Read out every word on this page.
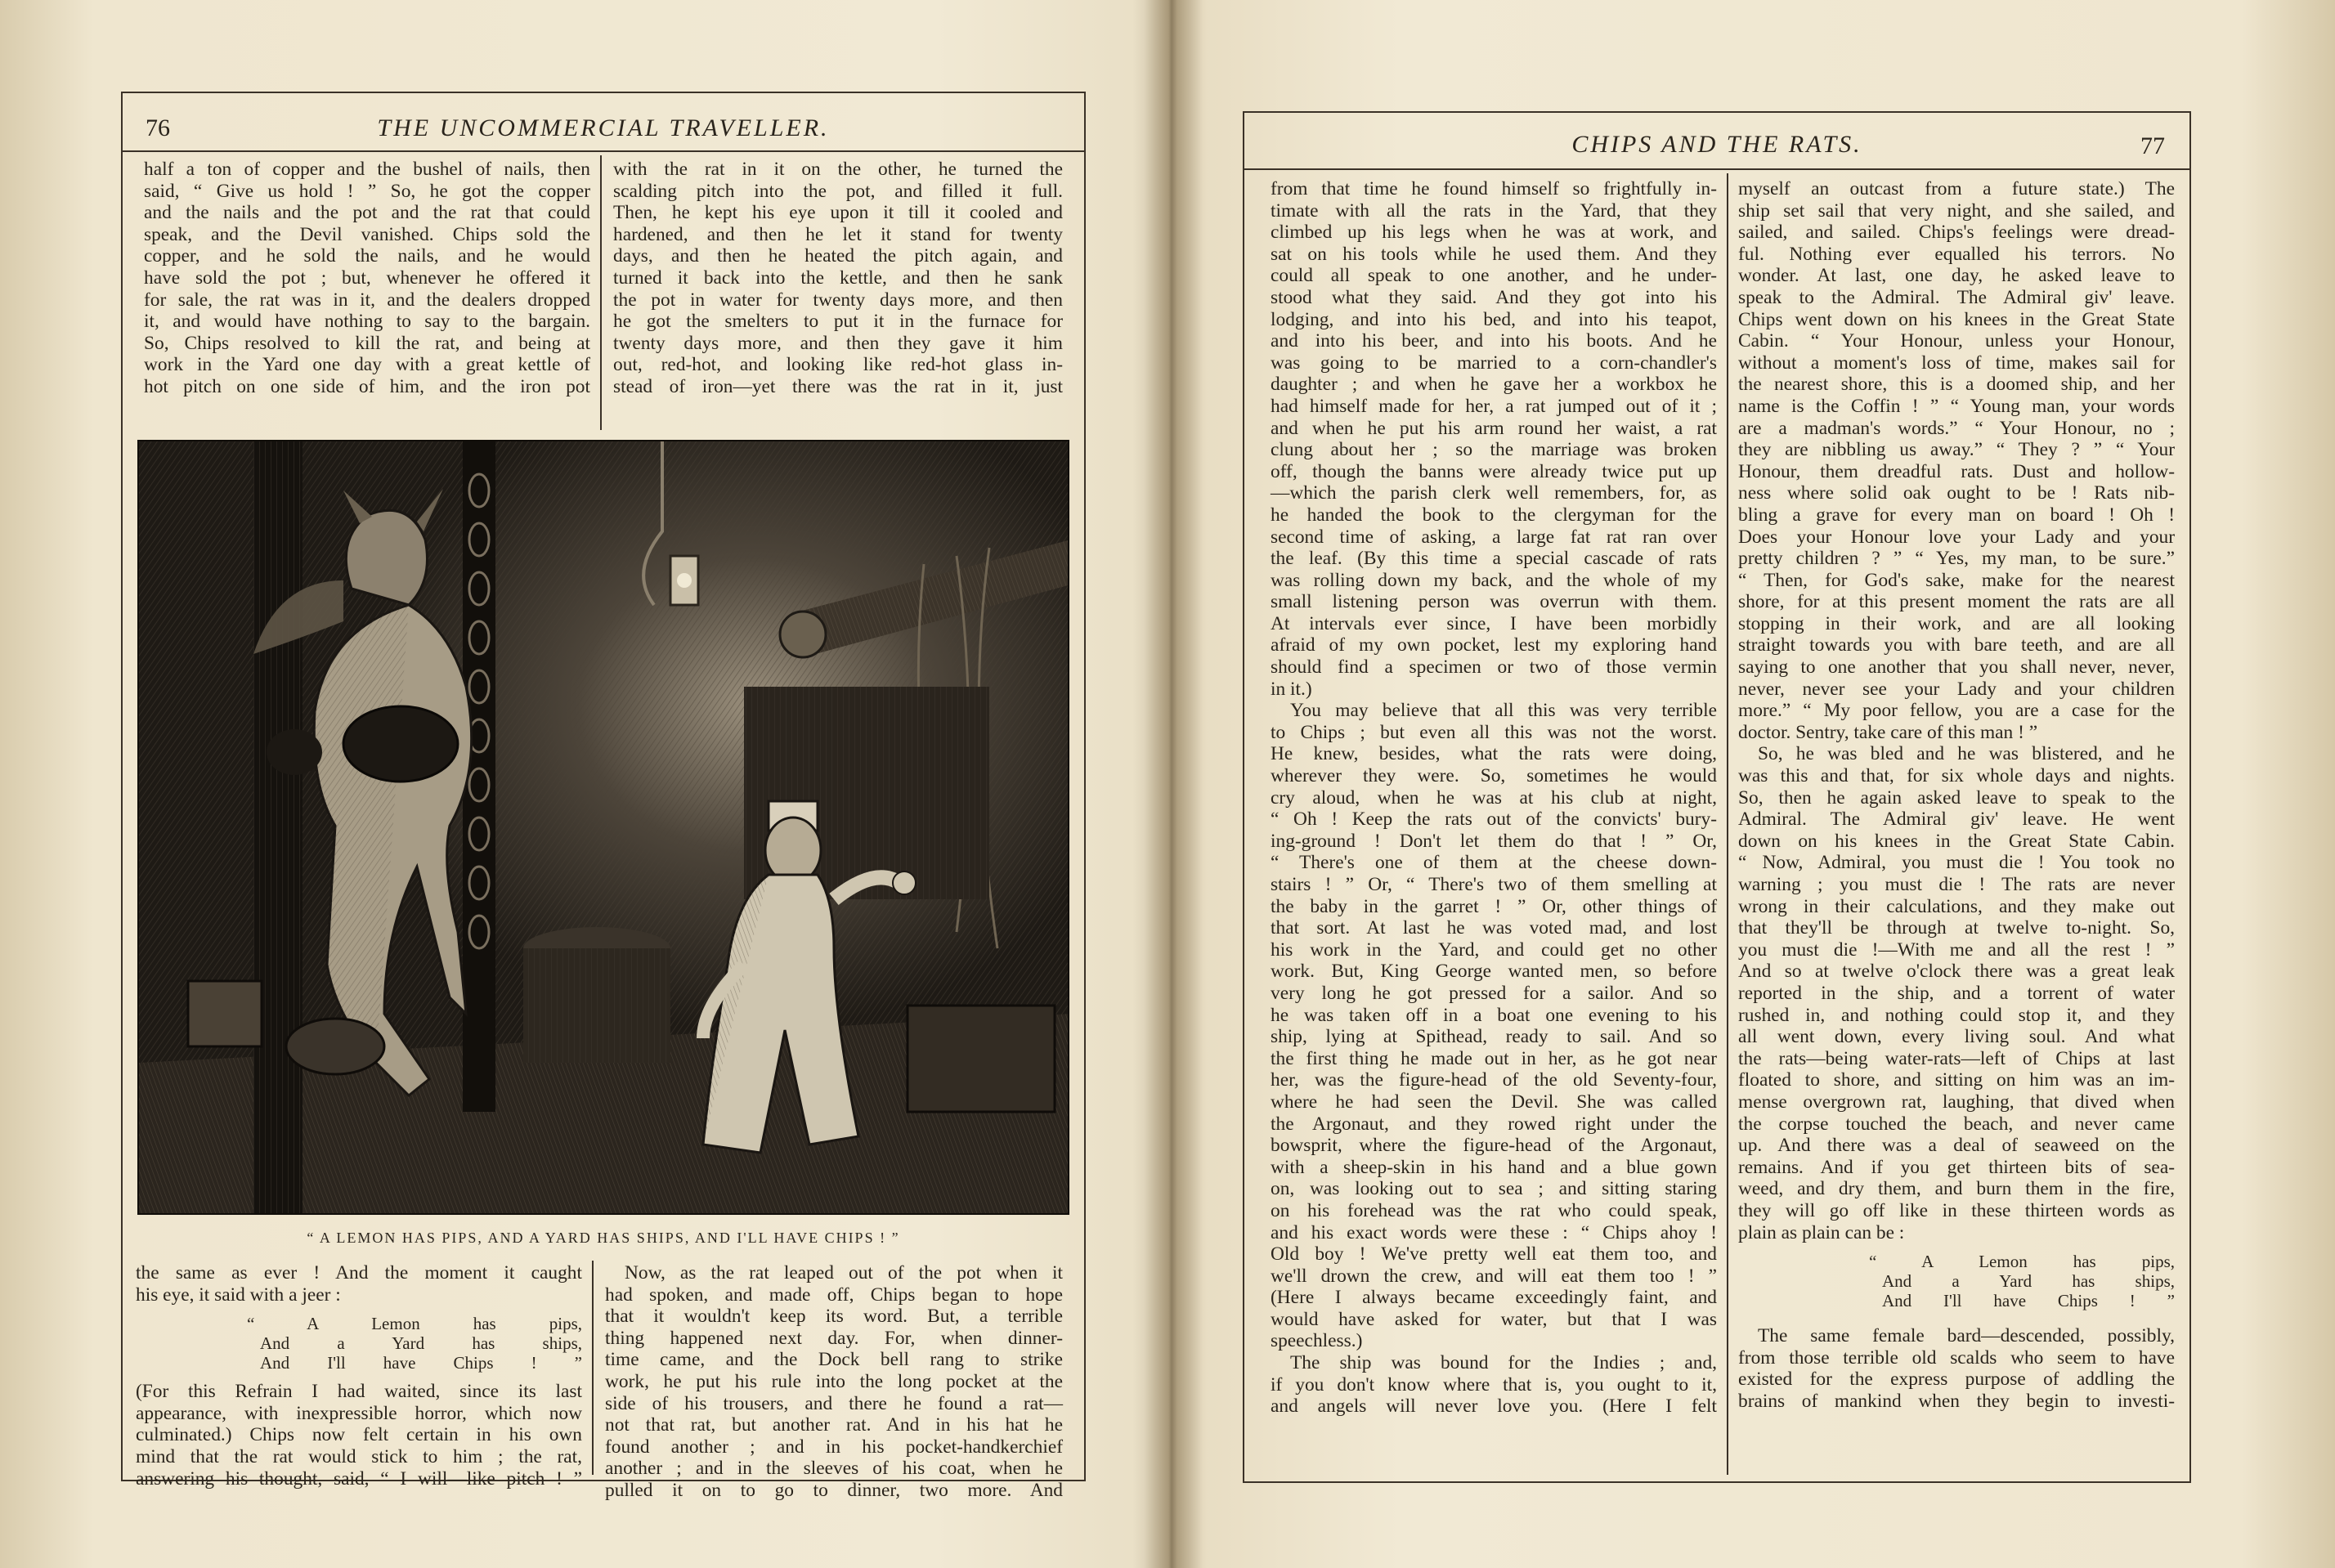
76	THE UNCOMMERCIAL TRAVELLER.
half a ton of copper and the bushel of nails, then
said, “ Give us hold ! ” So, he got the copper
and the nails and the pot and the rat that could
speak, and the Devil vanished. Chips sold the
copper, and he sold the nails, and he would
have sold the pot ; but, whenever he offered it
for sale, the rat was in it, and the dealers dropped
it, and would have nothing to say to the bargain.
So, Chips resolved to kill the rat, and being at
work in the Yard one day with a great kettle of
hot pitch on one side of him, and the iron pot
with the rat in it on the other, he turned the
scalding pitch into the pot, and filled it full.
Then, he kept his eye upon it till it cooled and
hardened, and then he let it stand for twenty
days, and then he heated the pitch again, and
turned it back into the kettle, and then he sank
the pot in water for twenty days more, and then
he got the smelters to put it in the furnace for
twenty days more, and then they gave it him
out, red-hot, and looking like red-hot glass in-
stead of iron—yet there was the rat in it, just
“ A LEMON HAS PIPS, AND A YARD HAS SHIPS, AND I'LL HAVE CHIPS ! ”
the same as ever ! And the moment it caught
his eye, it said with a jeer :
“ A Lemon has pips,
And a Yard has ships,
And I'll have Chips ! ”
(For this Refrain I had waited, since its last
appearance, with inexpressible horror, which now
culminated.) Chips now felt certain in his own
mind that the rat would stick to him ; the rat,
answering his thought, said, “ I will—like pitch ! ”
Now, as the rat leaped out of the pot when it
had spoken, and made off, Chips began to hope
that it wouldn't keep its word. But, a terrible
thing happened next day. For, when dinner-
time came, and the Dock bell rang to strike
work, he put his rule into the long pocket at the
side of his trousers, and there he found a rat—
not that rat, but another rat. And in his hat he
found another ; and in his pocket-handkerchief
another ; and in the sleeves of his coat, when he
pulled it on to go to dinner, two more. And
CHIPS AND THE RATS.	77
from that time he found himself so frightfully in-
timate with all the rats in the Yard, that they
climbed up his legs when he was at work, and
sat on his tools while he used them. And they
could all speak to one another, and he under-
stood what they said. And they got into his
lodging, and into his bed, and into his teapot,
and into his beer, and into his boots. And he
was going to be married to a corn-chandler's
daughter ; and when he gave her a workbox he
had himself made for her, a rat jumped out of it ;
and when he put his arm round her waist, a rat
clung about her ; so the marriage was broken
off, though the banns were already twice put up
—which the parish clerk well remembers, for, as
he handed the book to the clergyman for the
second time of asking, a large fat rat ran over
the leaf. (By this time a special cascade of rats
was rolling down my back, and the whole of my
small listening person was overrun with them.
At intervals ever since, I have been morbidly
afraid of my own pocket, lest my exploring hand
should find a specimen or two of those vermin
in it.)
You may believe that all this was very terrible
to Chips ; but even all this was not the worst.
He knew, besides, what the rats were doing,
wherever they were. So, sometimes he would
cry aloud, when he was at his club at night,
“ Oh ! Keep the rats out of the convicts' bury-
ing-ground ! Don't let them do that ! ” Or,
“ There's one of them at the cheese down-
stairs ! ” Or, “ There's two of them smelling at
the baby in the garret ! ” Or, other things of
that sort. At last he was voted mad, and lost
his work in the Yard, and could get no other
work. But, King George wanted men, so before
very long he got pressed for a sailor. And so
he was taken off in a boat one evening to his
ship, lying at Spithead, ready to sail. And so
the first thing he made out in her, as he got near
her, was the figure-head of the old Seventy-four,
where he had seen the Devil. She was called
the Argonaut, and they rowed right under the
bowsprit, where the figure-head of the Argonaut,
with a sheep-skin in his hand and a blue gown
on, was looking out to sea ; and sitting staring
on his forehead was the rat who could speak,
and his exact words were these : “ Chips ahoy !
Old boy ! We've pretty well eat them too, and
we'll drown the crew, and will eat them too ! ”
(Here I always became exceedingly faint, and
would have asked for water, but that I was
speechless.)
The ship was bound for the Indies ; and,
if you don't know where that is, you ought to it,
and angels will never love you. (Here I felt
myself an outcast from a future state.) The
ship set sail that very night, and she sailed, and
sailed, and sailed. Chips's feelings were dread-
ful. Nothing ever equalled his terrors. No
wonder. At last, one day, he asked leave to
speak to the Admiral. The Admiral giv' leave.
Chips went down on his knees in the Great State
Cabin. “ Your Honour, unless your Honour,
without a moment's loss of time, makes sail for
the nearest shore, this is a doomed ship, and her
name is the Coffin ! ” “ Young man, your words
are a madman's words.” “ Your Honour, no ;
they are nibbling us away.” “ They ? ” “ Your
Honour, them dreadful rats. Dust and hollow-
ness where solid oak ought to be ! Rats nib-
bling a grave for every man on board ! Oh !
Does your Honour love your Lady and your
pretty children ? ” “ Yes, my man, to be sure.”
“ Then, for God's sake, make for the nearest
shore, for at this present moment the rats are all
stopping in their work, and are all looking
straight towards you with bare teeth, and are all
saying to one another that you shall never, never,
never, never see your Lady and your children
more.” “ My poor fellow, you are a case for the
doctor. Sentry, take care of this man ! ”
So, he was bled and he was blistered, and he
was this and that, for six whole days and nights.
So, then he again asked leave to speak to the
Admiral. The Admiral giv' leave. He went
down on his knees in the Great State Cabin.
“ Now, Admiral, you must die ! You took no
warning ; you must die ! The rats are never
wrong in their calculations, and they make out
that they'll be through at twelve to-night. So,
you must die !—With me and all the rest ! ”
And so at twelve o'clock there was a great leak
reported in the ship, and a torrent of water
rushed in, and nothing could stop it, and they
all went down, every living soul. And what
the rats—being water-rats—left of Chips at last
floated to shore, and sitting on him was an im-
mense overgrown rat, laughing, that dived when
the corpse touched the beach, and never came
up. And there was a deal of seaweed on the
remains. And if you get thirteen bits of sea-
weed, and dry them, and burn them in the fire,
they will go off like in these thirteen words as
plain as plain can be :
“ A Lemon has pips,
And a Yard has ships,
And I'll have Chips ! ”
The same female bard—descended, possibly,
from those terrible old scalds who seem to have
existed for the express purpose of addling the
brains of mankind when they begin to investi-
